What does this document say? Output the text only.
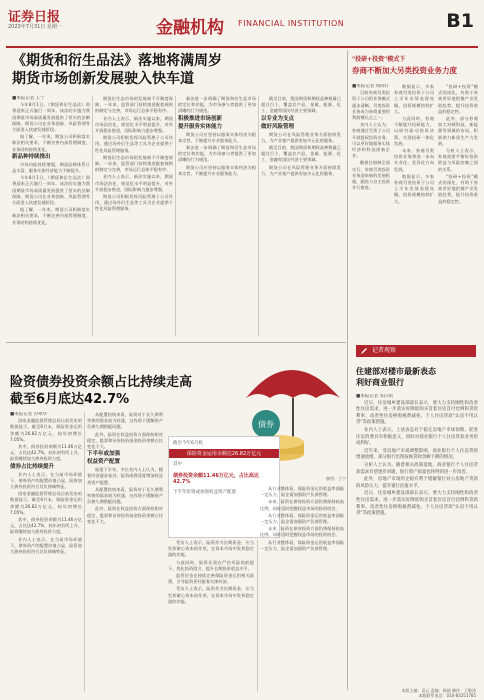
证券日报
2023年7月31日 星期一	金融机构 FINANCIAL INSTITUTION	B1
《期货和衍生品法》落地将满周岁
期货市场创新发展驶入快车道
■本报记者 王宁

今年8月1日，《期货和衍生品法》即将迎来正式施行一周年。该法的实施为我国期货市场高质量发展提供了坚实的法制保障，期货公司在业务创新、风险管理等方面进入快速发展阶段。

据了解，一年来，期货公司积极落实新法相关要求，不断完善内部管理制度，业务结构持续优化。

新品种持续推出

市场功能持续增强，期货品种体系日益丰富，服务实体经济能力不断提升。

今年8月1日，《期货和衍生品法》即将迎来正式施行一周年。该法的实施为我国期货市场高质量发展提供了坚实的法制保障，期货公司在业务创新、风险管理等方面进入快速发展阶段。

据了解，一年来，期货公司积极落实新法相关要求，不断完善内部管理制度，业务结构持续优化。

期货衍生品市场的发展离不开制度保障，一年来，监管部门持续推进配套规则的制定与完善，市场运行总体平稳有序。

业内人士表示，新法实施以来，期货市场法治化、规范化水平明显提升，对外开放稳步推进，国际影响力逐步增强。

期货公司积极发挥风险管理子公司作用，通过场外衍生品等工具为企业提供个性化风险管理服务。

期货衍生品市场的发展离不开制度保障，一年来，监管部门持续推进配套规则的制定与完善，市场运行总体平稳有序。

业内人士表示，新法实施以来，期货市场法治化、规范化水平明显提升，对外开放稳步推进，国际影响力逐步增强。

期货公司积极发挥风险管理子公司作用，通过场外衍生品等工具为企业提供个性化风险管理服务。

新法进一步明确了期货和衍生品市场的定位和功能，为市场参与者提供了更加清晰的行为规范。

积极推进市场创新

提升服务实体能力

期货公司应坚持以服务实体经济为根本宗旨，不断提升专业服务能力。

新法进一步明确了期货和衍生品市场的定位和功能，为市场参与者提供了更加清晰的行为规范。

期货公司应坚持以服务实体经济为根本宗旨，不断提升专业服务能力。

截至目前，我国期货和期权品种数量已超过百个，覆盖农产品、金属、能源、化工、金融等国民经济主要领域。

以专业为支点

做好风险管理

期货公司在风险管理业务方面持续发力，为产业客户提供更加多元化的服务。

截至目前，我国期货和期权品种数量已超过百个，覆盖农产品、金属、能源、化工、金融等国民经济主要领域。

期货公司在风险管理业务方面持续发力，为产业客户提供更加多元化的服务。

"投研+投资"模式下
券商不断加大另类投资业务力度
■本报记者 周尚仔

目前券商另类投资子公司的业务模式逐步清晰，另类投资业务成为券商重要的利润增长点之一。

业内人士认为，券商通过另类子公司开展股权投资业务，可以更好地服务实体经济和科技创新企业。

随着注册制全面实行，券商另类投资业务迎来新的发展机遇，跟投与自主投资并行推进。

数据显示，多家券商另类投资子公司上半年业绩表现亮眼，投资规模持续扩大。

与此同时，券商不断提升投研能力，以研究驱动投资决策，实现投研一体化发展。

未来，券商另类投资业务将进一步向专业化、差异化方向发展。

数据显示，多家券商另类投资子公司上半年业绩表现亮眼，投资规模持续扩大。

"投研+投资"模式的深化，有助于券商更好地把握产业发展趋势，提升投资收益的稳定性。

此外，部分券商加大对硬科技、新能源等领域的布局，积极助力新质生产力发展。

分析人士表示，券商需要平衡好投资收益与风险控制之间的关系。

"投研+投资"模式的深化，有助于券商更好地把握产业发展趋势，提升投资收益的稳定性。

险资债券投资余额占比持续走高
截至6月底达42.7%
债券
制图：王宁
截至今年6月底
保险资金运用余额达26.82万亿元
其中
债券投资余额11.46万亿元，占比高达42.7%
下半年险资或加强权益资产配置
■本报记者 冷翠华

国家金融监督管理总局日前发布的数据显示，截至6月末，保险资金运用余额为26.82万亿元，较年初增长7.05%。

其中，债券投资余额为11.46万亿元，占比达42.7%，较年初有所上升，险资继续加大债券投资力度。

债券占比持续提升

业内人士表示，在当前市场环境下，债券资产的配置价值凸显，险资加大债券投资符合其负债端特征。

国家金融监督管理总局日前发布的数据显示，截至6月末，保险资金运用余额为26.82万亿元，较年初增长7.05%。

其中，债券投资余额为11.46万亿元，占比达42.7%，较年初有所上升，险资继续加大债券投资力度。

业内人士表示，在当前市场环境下，债券资产的配置价值凸显，险资加大债券投资符合其负债端特征。

从配置结构来看，险资对于长久期利率债的需求较为旺盛，这有助于缓解资产负债久期错配问题。

此外，险资在权益投资方面保持相对稳定，股票和证券投资基金投资余额占比变化不大。

下半年或加强

权益资产配置

展望下半年，多位业内人士认为，随着经济逐步复苏，险资或将适度增加权益类资产配置。

从配置结构来看，险资对于长久期利率债的需求较为旺盛，这有助于缓解资产负债久期错配问题。

此外，险资在权益投资方面保持相对稳定，股票和证券投资基金投资余额占比变化不大。

受访人士表示，险资作为长期资金，应当发挥耐心资本的作用，在资本市场中发挥稳定器的功能。

与此同时，险资还需在严控风险的前提下，优化投资组合，提升长期投资收益水平。

监管层也在持续完善保险资金运用相关政策，引导险资更好服务实体经济。

受访人士表示，险资作为长期资金，应当发挥耐心资本的作用，在资本市场中发挥稳定器的功能。

从行业整体看，保险资金运用收益率面临一定压力，险企需加强资产负债管理。

未来，险资在债券投资方面仍将保持较高比例，同时适时把握权益市场的投资机会。

从行业整体看，保险资金运用收益率面临一定压力，险企需加强资产负债管理。

未来，险资在债券投资方面仍将保持较高比例，同时适时把握权益市场的投资机会。

从行业整体看，保险资金运用收益率面临一定压力，险企需加强资产负债管理。

记者观察
住建部对楼市最新表态
利好商业银行
■本报记者 苏向杲

近日，住房城乡建设部部长表示，要大力支持刚性和改善性住房需求，进一步落实好降低购买首套住房首付比例和贷款利率、改善性住房换购税费减免、个人住房贷款"认房不用认贷"等政策措施。

业内人士表示，上述表态对于稳定房地产市场预期、促进住房消费具有积极意义，同时对商业银行个人住房贷款业务形成利好。

近年来，受房地产市场调整影响，商业银行个人住房贷款增速放缓，部分银行出现按揭贷款余额下降的情况。

分析人士认为，随着相关政策落地，商业银行个人住房贷款需求有望逐步回暖，银行资产质量也将得到进一步改善。

此外，房地产市场的企稳有利于缓解银行对公房地产贷款的风险压力，提升银行估值水平。

近日，住房城乡建设部部长表示，要大力支持刚性和改善性住房需求，进一步落实好降低购买首套住房首付比例和贷款利率、改善性住房换购税费减免、个人住房贷款"认房不用认贷"等政策措施。

本版主编：袁元 责编：杨丽 制作：王敬涛
本版联系电话：010-83251785
